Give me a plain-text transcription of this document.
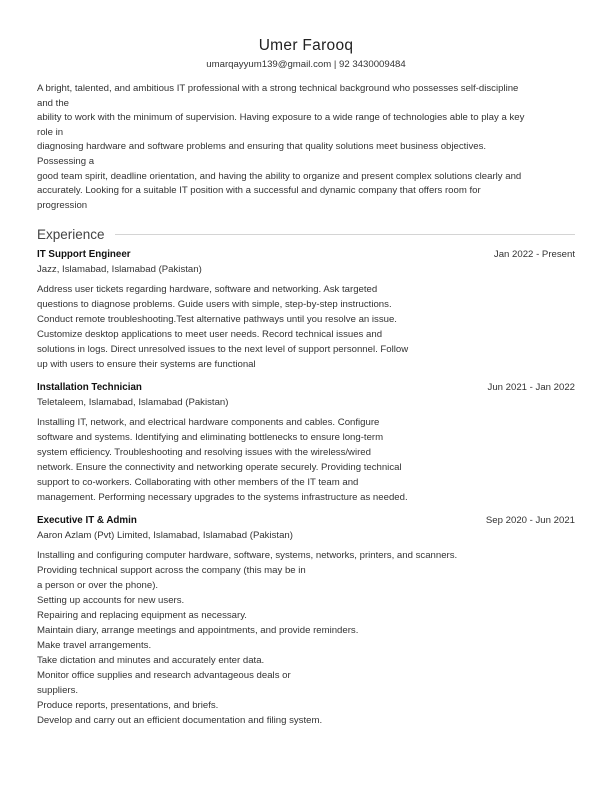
Umer Farooq
umarqayyum139@gmail.com | 92 3430009484
A bright, talented, and ambitious IT professional with a strong technical background who possesses self-discipline
and the
ability to work with the minimum of supervision. Having exposure to a wide range of technologies able to play a key
role in
diagnosing hardware and software problems and ensuring that quality solutions meet business objectives.
Possessing a
good team spirit, deadline orientation, and having the ability to organize and present complex solutions clearly and
accurately. Looking for a suitable IT position with a successful and dynamic company that offers room for
progression
Experience
IT Support Engineer	Jan 2022 - Present
Jazz, Islamabad, Islamabad (Pakistan)
Address user tickets regarding hardware, software and networking. Ask targeted
questions to diagnose problems. Guide users with simple, step-by-step instructions.
Conduct remote troubleshooting.Test alternative pathways until you resolve an issue.
Customize desktop applications to meet user needs. Record technical issues and
solutions in logs. Direct unresolved issues to the next level of support personnel. Follow
up with users to ensure their systems are functional
Installation Technician	Jun 2021 - Jan 2022
Teletaleem, Islamabad, Islamabad (Pakistan)
Installing IT, network, and electrical hardware components and cables. Configure
software and systems. Identifying and eliminating bottlenecks to ensure long-term
system efficiency. Troubleshooting and resolving issues with the wireless/wired
network. Ensure the connectivity and networking operate securely. Providing technical
support to co-workers. Collaborating with other members of the IT team and
management. Performing necessary upgrades to the systems infrastructure as needed.
Executive IT & Admin	Sep 2020 - Jun 2021
Aaron Azlam (Pvt) Limited, Islamabad, Islamabad (Pakistan)
Installing and configuring computer hardware, software, systems, networks, printers, and scanners.
Providing technical support across the company (this may be in
a person or over the phone).
Setting up accounts for new users.
Repairing and replacing equipment as necessary.
Maintain diary, arrange meetings and appointments, and provide reminders.
Make travel arrangements.
Take dictation and minutes and accurately enter data.
Monitor office supplies and research advantageous deals or
suppliers.
Produce reports, presentations, and briefs.
Develop and carry out an efficient documentation and filing system.
